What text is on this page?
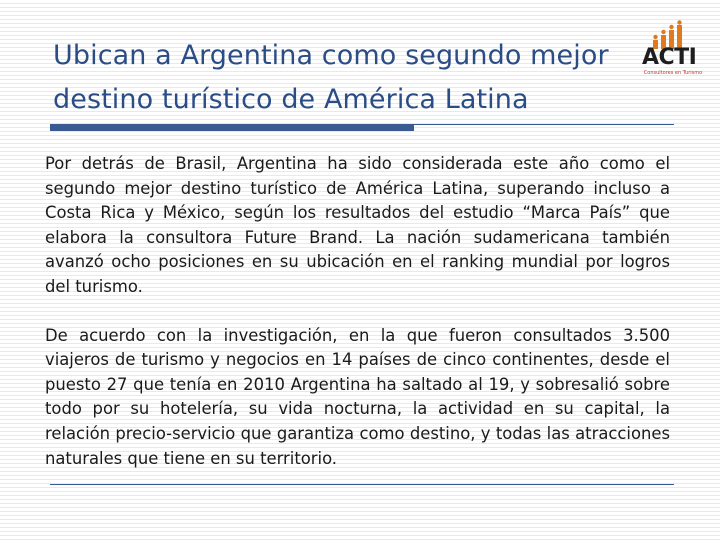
Ubican a Argentina como segundo mejor
destino turístico de América Latina
ACTI
Consultores en Turismo

Por detrás de Brasil, Argentina ha sido considerada este año como el segundo mejor destino turístico de América Latina, superando incluso a Costa Rica y México, según los resultados del estudio “Marca País” que elabora la consultora Future Brand. La nación sudamericana también avanzó ocho posiciones en su ubicación en el ranking mundial por logros del turismo.

De acuerdo con la investigación, en la que fueron consultados 3.500 viajeros de turismo y negocios en 14 países de cinco continentes, desde el puesto 27 que tenía en 2010 Argentina ha saltado al 19, y sobresalió sobre todo por su hotelería, su vida nocturna, la actividad en su capital, la relación precio-servicio que garantiza como destino, y todas las atracciones naturales que tiene en su territorio.
